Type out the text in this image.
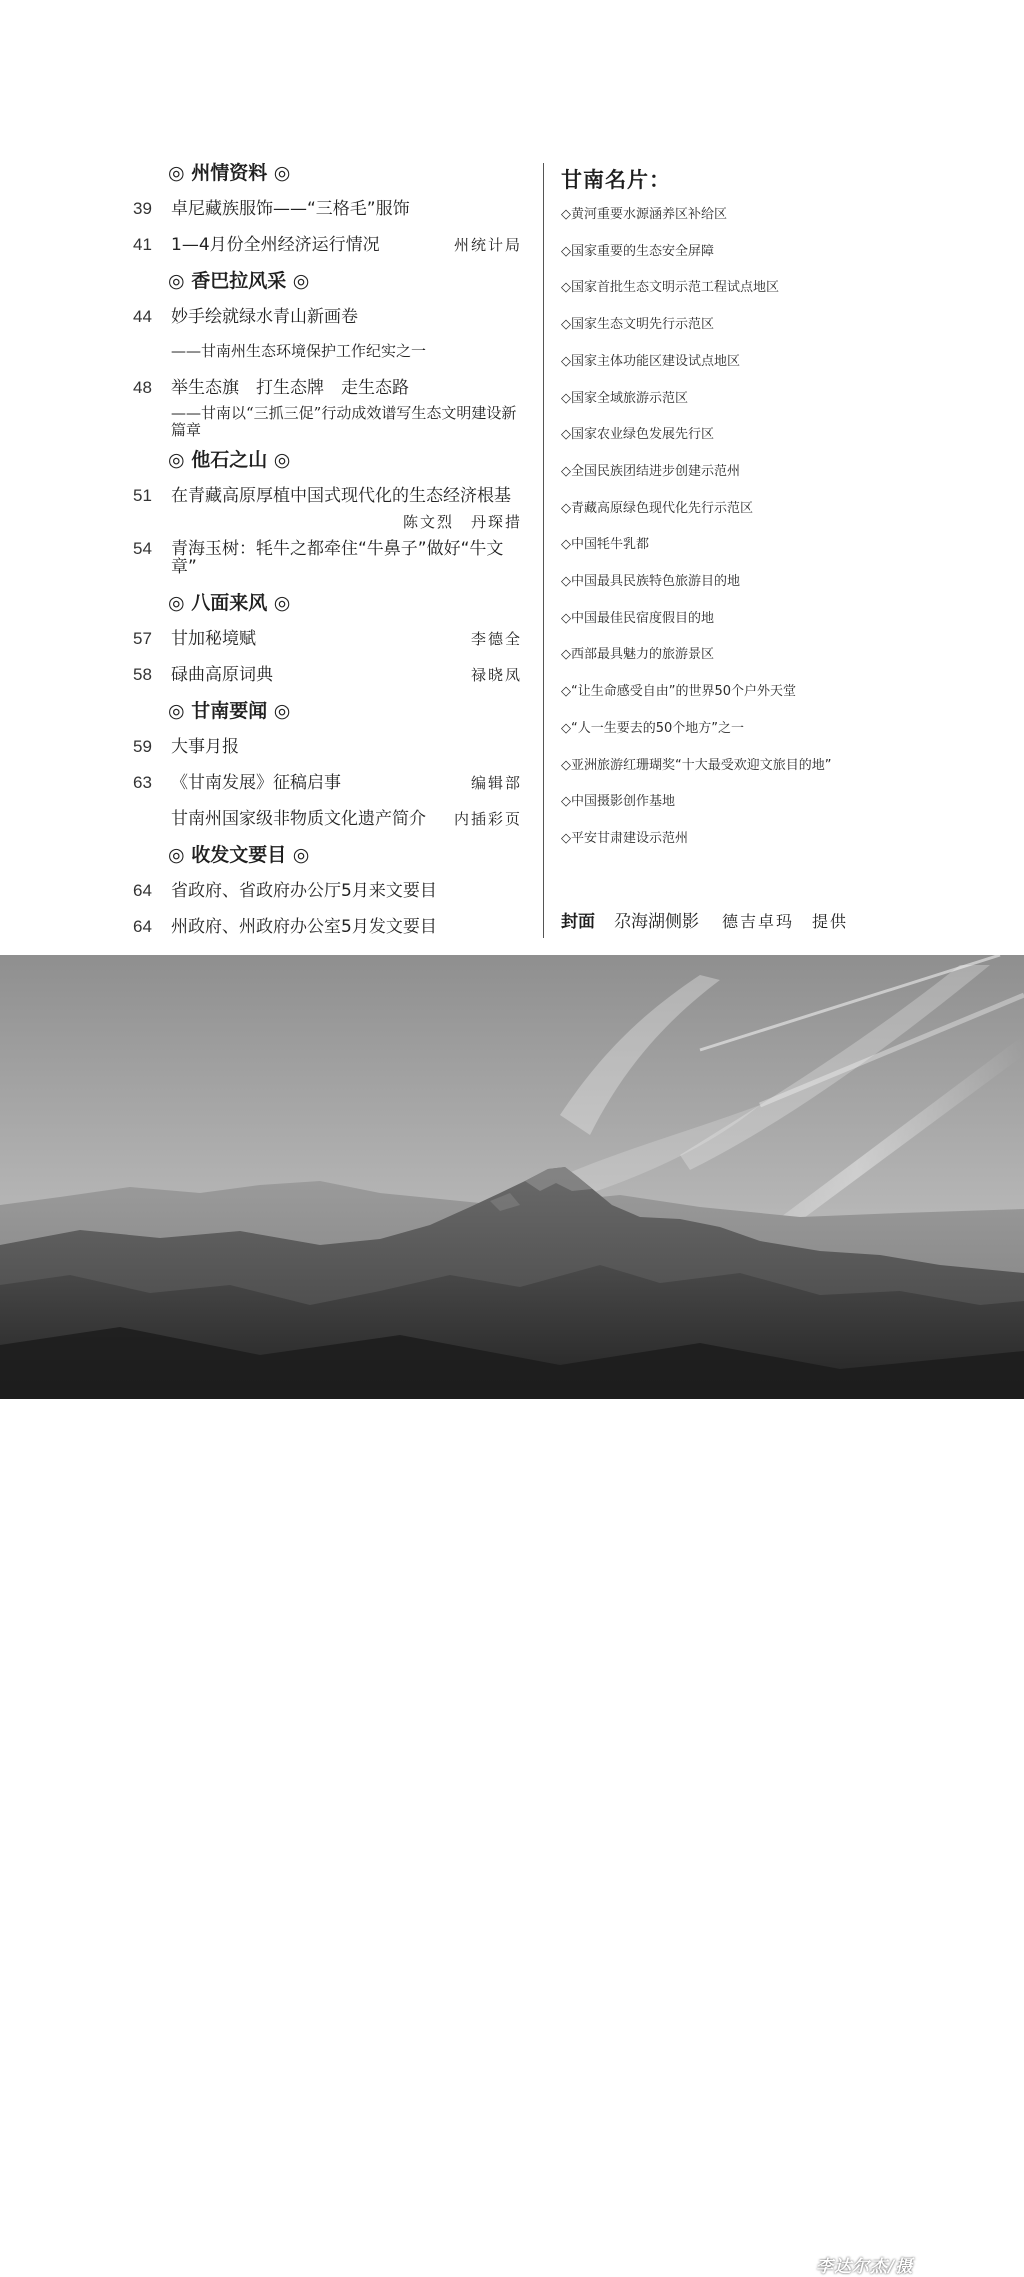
◎ 州情资料 ◎
39 卓尼藏族服饰——“三格毛”服饰
41 1—4月份全州经济运行情况	州统计局
◎ 香巴拉风采 ◎
44 妙手绘就绿水青山新画卷
——甘南州生态环境保护工作纪实之一
48 举生态旗　打生态牌　走生态路
——甘南以“三抓三促”行动成效谱写生态文明建设新篇章
◎ 他石之山 ◎
51 在青藏高原厚植中国式现代化的生态经济根基
陈文烈　丹琛措
54 青海玉树：牦牛之都牵住“牛鼻子”做好“牛文章”
◎ 八面来风 ◎
57 甘加秘境赋	李德全
58 碌曲高原词典	禄晓凤
◎ 甘南要闻 ◎
59 大事月报
63 《甘南发展》征稿启事	编辑部
甘南州国家级非物质文化遗产简介 内插彩页
◎ 收发文要目 ◎
64 省政府、省政府办公厅5月来文要目
64 州政府、州政府办公室5月发文要目
甘南名片：
◇黄河重要水源涵养区补给区
◇国家重要的生态安全屏障
◇国家首批生态文明示范工程试点地区
◇国家生态文明先行示范区
◇国家主体功能区建设试点地区
◇国家全域旅游示范区
◇国家农业绿色发展先行区
◇全国民族团结进步创建示范州
◇青藏高原绿色现代化先行示范区
◇中国牦牛乳都
◇中国最具民族特色旅游目的地
◇中国最佳民宿度假目的地
◇西部最具魅力的旅游景区
◇“让生命感受自由”的世界50个户外天堂
◇“人一生要去的50个地方”之一
◇亚洲旅游红珊瑚奖“十大最受欢迎文旅目的地”
◇中国摄影创作基地
◇平安甘肃建设示范州
封面 尕海湖侧影 德吉卓玛　提供
李达尔杰/摄
